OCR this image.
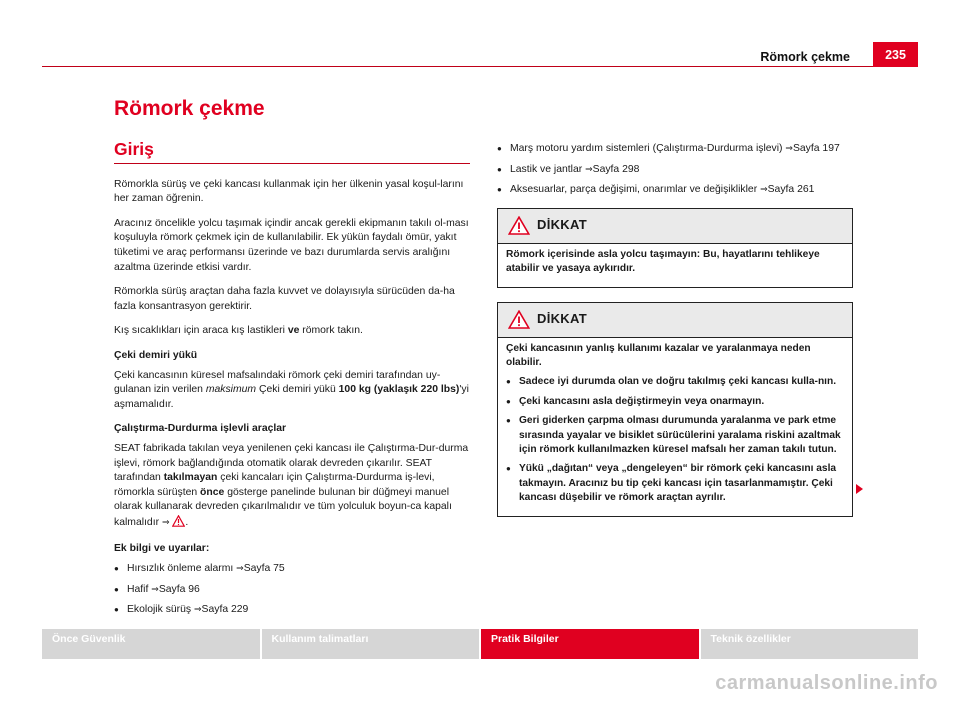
Römork çekme	235
Römork çekme
Giriş

Römorkla sürüş ve çeki kancası kullanmak için her ülkenin yasal koşul-larını her zaman öğrenin.

Aracınız öncelikle yolcu taşımak içindir ancak gerekli ekipmanın takılı ol-ması koşuluyla römork çekmek için de kullanılabilir. Ek yükün faydalı ömür, yakıt tüketimi ve araç performansı üzerinde ve bazı durumlarda servis aralığını azaltma üzerinde etkisi vardır.

Römorkla sürüş araçtan daha fazla kuvvet ve dolayısıyla sürücüden da-ha fazla konsantrasyon gerektirir.

Kış sıcaklıkları için araca kış lastikleri ve römork takın.

Çeki demiri yükü

Çeki kancasının küresel mafsalındaki römork çeki demiri tarafından uy-gulanan izin verilen maksimum Çeki demiri yükü 100 kg (yaklaşık 220 lbs)'yi aşmamalıdır.

Çalıştırma-Durdurma işlevli araçlar

SEAT fabrikada takılan veya yenilenen çeki kancası ile Çalıştırma-Dur-durma işlevi, römork bağlandığında otomatik olarak devreden çıkarılır. SEAT tarafından takılmayan çeki kancaları için Çalıştırma-Durdurma iş-levi, römorkla sürüşten önce gösterge panelinde bulunan bir düğmeyi manuel olarak kullanarak devreden çıkarılmalıdır ve tüm yolculuk boyun-ca kapalı kalmalıdır ⇒ .

Ek bilgi ve uyarılar:
● Hırsızlık önleme alarmı ⇒Sayfa 75
● Hafif ⇒Sayfa 96
● Ekolojik sürüş ⇒Sayfa 229
● Marş motoru yardım sistemleri (Çalıştırma-Durdurma işlevi) ⇒Sayfa 197
● Lastik ve jantlar ⇒Sayfa 298
● Aksesuarlar, parça değişimi, onarımlar ve değişiklikler ⇒Sayfa 261
DİKKAT

Römork içerisinde asla yolcu taşımayın: Bu, hayatlarını tehlikeye atabilir ve yasaya aykırıdır.

DİKKAT

Çeki kancasının yanlış kullanımı kazalar ve yaralanmaya neden olabilir.

● Sadece iyi durumda olan ve doğru takılmış çeki kancası kulla-nın.
● Çeki kancasını asla değiştirmeyin veya onarmayın.
● Geri giderken çarpma olması durumunda yaralanma ve park etme sırasında yayalar ve bisiklet sürücülerini yaralama riskini azaltmak için römork kullanılmazken küresel mafsalı her zaman takılı tutun.
● Yükü „dağıtan“ veya „dengeleyen“ bir römork çeki kancasını asla takmayın. Aracınız bu tip çeki kancası için tasarlanmamıştır. Çeki kancası düşebilir ve römork araçtan ayrılır.
Önce Güvenlik	Kullanım talimatları	Pratik Bilgiler	Teknik özellikler
carmanualsonline.info
